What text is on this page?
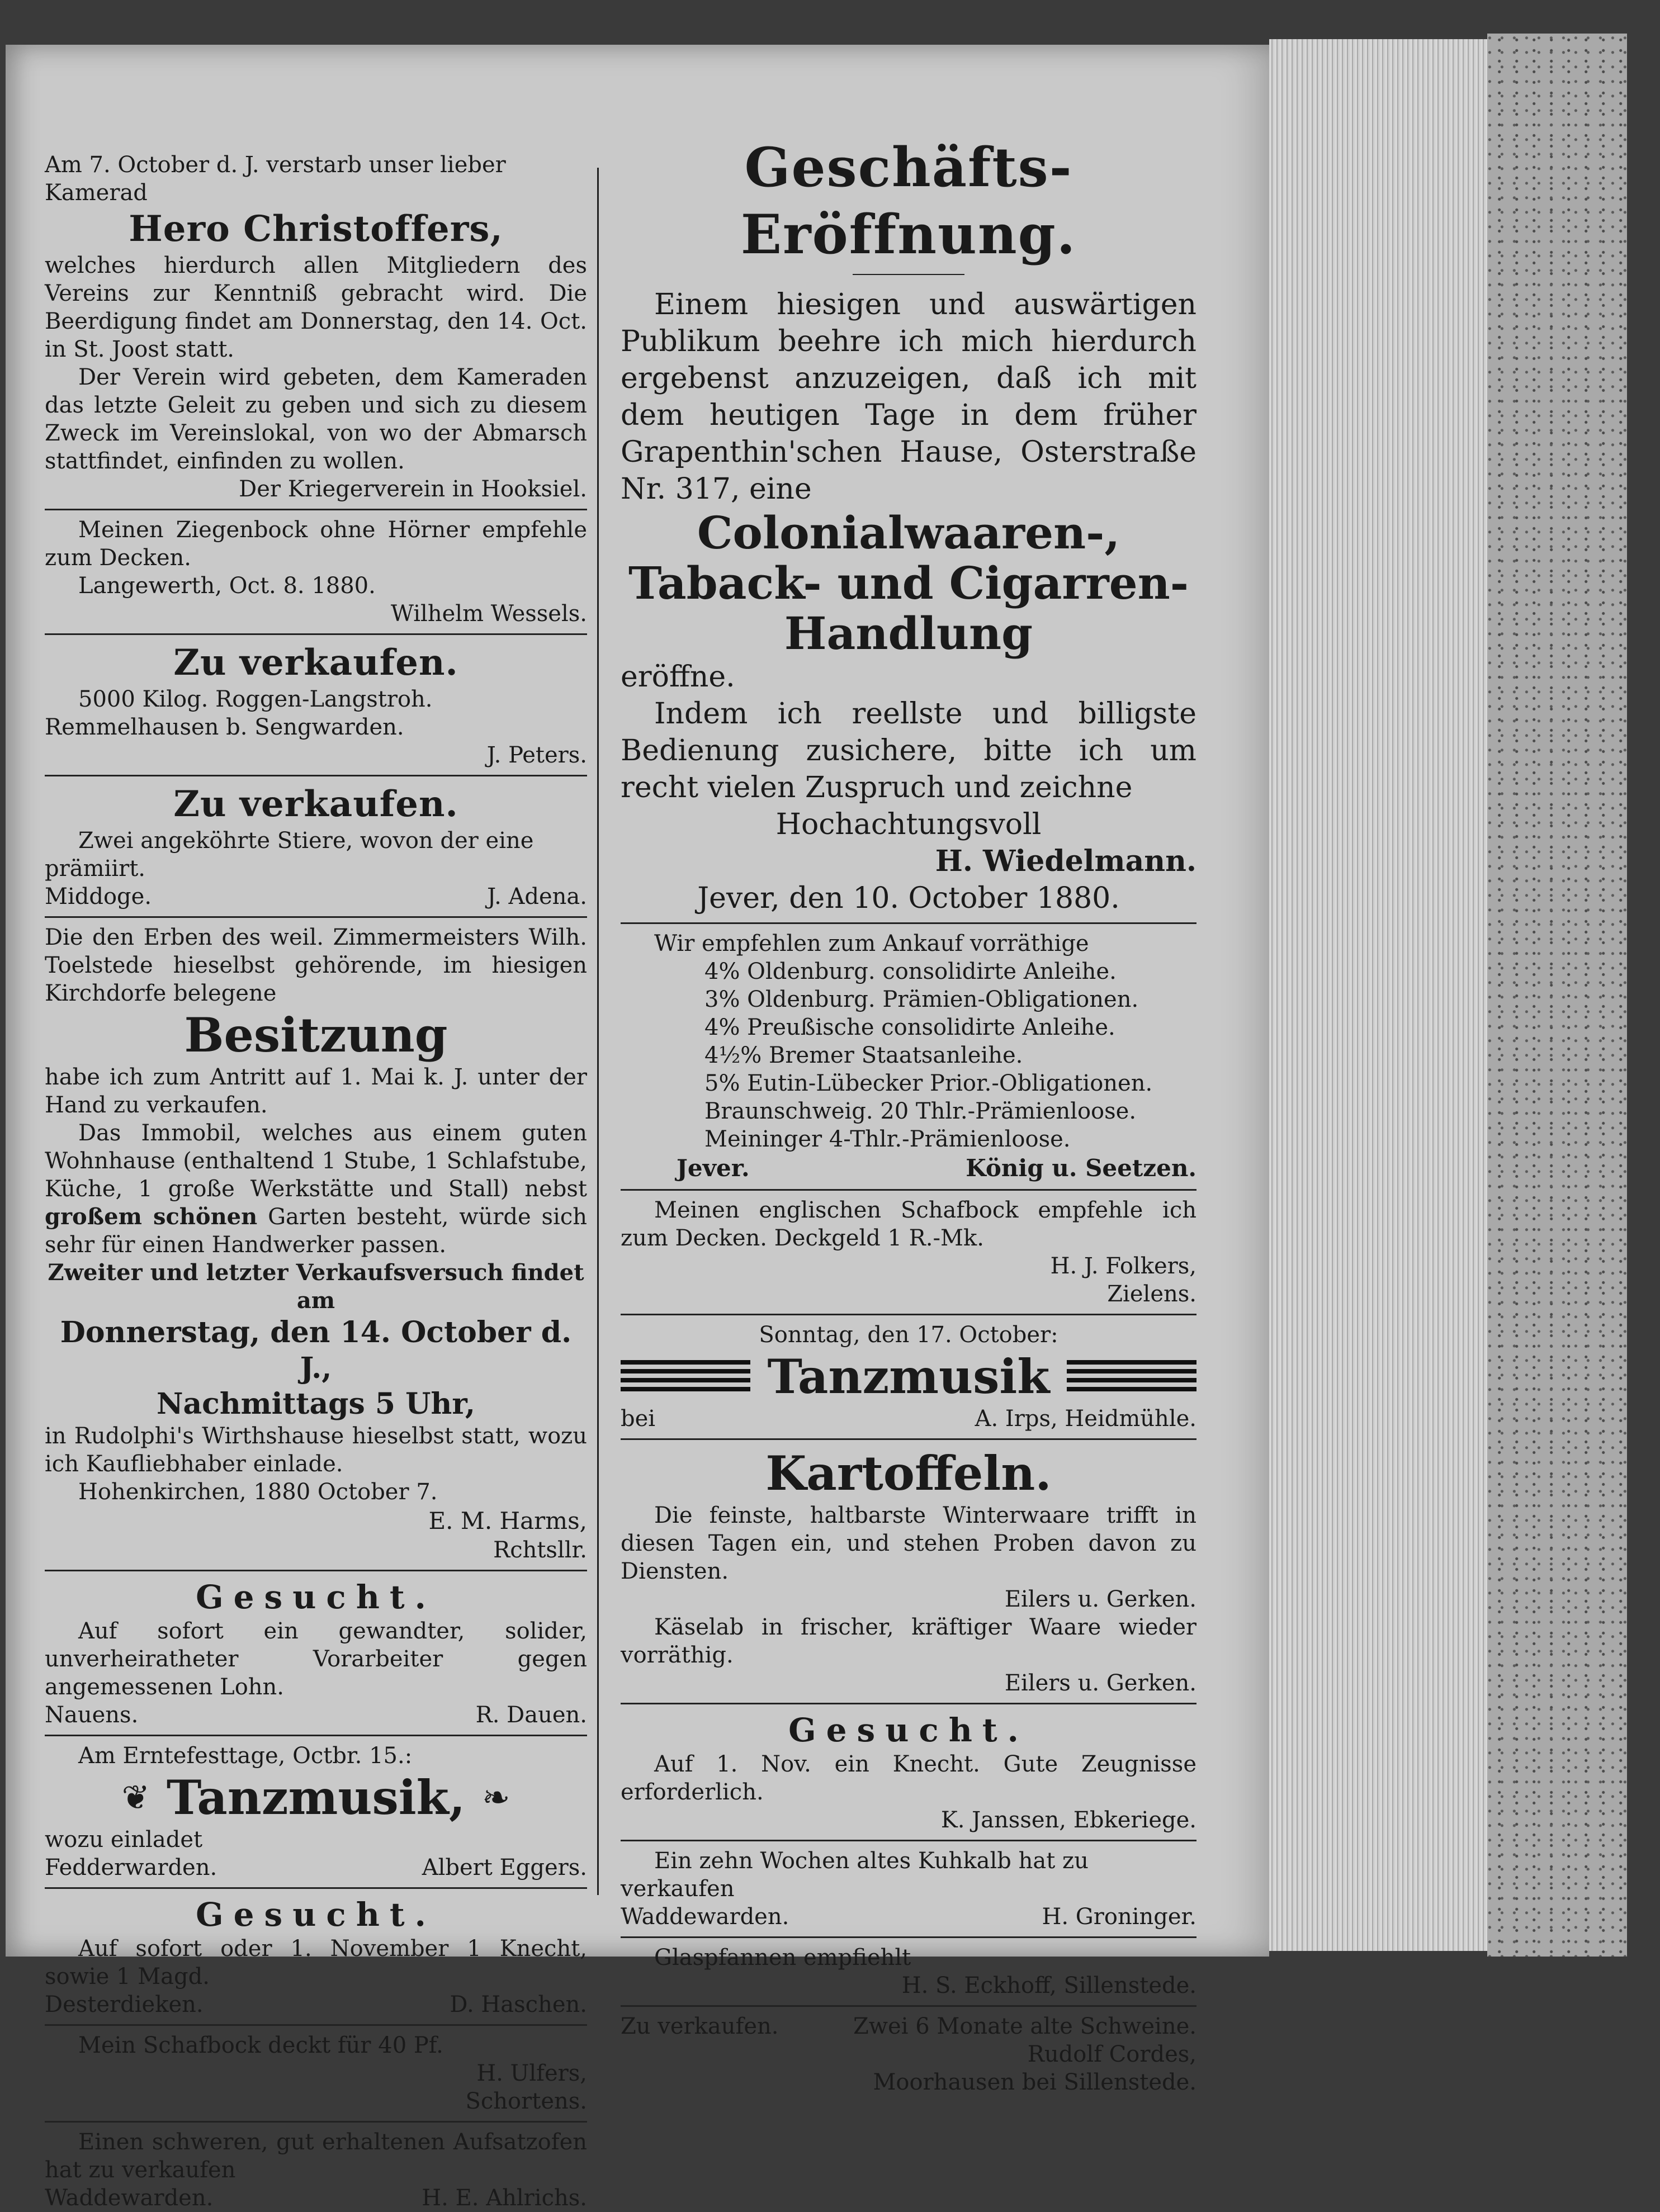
Am 7. October d. J. verstarb unser lieber

Kamerad

Hero Christoffers,

welches hierdurch allen Mitgliedern des Vereins zur Kenntniß gebracht wird. Die Beerdigung findet am Donnerstag, den 14. Oct. in St. Joost statt.

Der Verein wird gebeten, dem Kameraden das letzte Geleit zu geben und sich zu diesem Zweck im Vereinslokal, von wo der Abmarsch stattfindet, einfinden zu wollen.

Der Kriegerverein in Hooksiel.

Meinen Ziegenbock ohne Hörner empfehle zum Decken.

Langewerth, Oct. 8. 1880.

Wilhelm Wessels.

Zu verkaufen.

5000 Kilog. Roggen-Langstroh.

Remmelhausen b. Sengwarden.

J. Peters.

Zu verkaufen.

Zwei angeköhrte Stiere, wovon der eine prämiirt.

Middoge.	J. Adena.

Die den Erben des weil. Zimmermeisters Wilh. Toelstede hieselbst gehörende, im hiesigen Kirchdorfe belegene

Besitzung

habe ich zum Antritt auf 1. Mai k. J. unter der Hand zu verkaufen.

Das Immobil, welches aus einem guten Wohnhause (enthaltend 1 Stube, 1 Schlafstube, Küche, 1 große Werkstätte und Stall) nebst großem schönen Garten besteht, würde sich sehr für einen Handwerker passen.

Zweiter und letzter Verkaufsversuch findet am

Donnerstag, den 14. October d. J.,

Nachmittags 5 Uhr,

in Rudolphi's Wirthshause hieselbst statt, wozu ich Kaufliebhaber einlade.

Hohenkirchen, 1880 October 7.

E. M. Harms,

Rchtsllr.

Gesucht.

Auf sofort ein gewandter, solider, unverheiratheter Vorarbeiter gegen angemessenen Lohn.

Nauens.	R. Dauen.

Am Erntefesttage, Octbr. 15.:

❦ Tanzmusik, ❧

wozu einladet

Fedderwarden.	Albert Eggers.

Gesucht.

Auf sofort oder 1. November 1 Knecht, sowie 1 Magd.

Desterdieken.	D. Haschen.

Mein Schafbock deckt für 40 Pf.

H. Ulfers,

Schortens.

Einen schweren, gut erhaltenen Aufsatzofen hat zu verkaufen

Waddewarden.	H. E. Ahlrichs.

Geschäfts-Eröffnung.

Einem hiesigen und auswärtigen Publikum beehre ich mich hierdurch ergebenst anzuzeigen, daß ich mit dem heutigen Tage in dem früher Grapenthin'schen Hause, Osterstraße Nr. 317, eine

Colonialwaaren-,

Taback- und Cigarren-

Handlung

eröffne.

Indem ich reellste und billigste Bedienung zusichere, bitte ich um recht vielen Zuspruch und zeichne

Hochachtungsvoll

H. Wiedelmann.

Jever, den 10. October 1880.

Wir empfehlen zum Ankauf vorräthige

4% Oldenburg. consolidirte Anleihe.

3% Oldenburg. Prämien-Obligationen.

4% Preußische consolidirte Anleihe.

4½% Bremer Staatsanleihe.

5% Eutin-Lübecker Prior.-Obligationen.

Braunschweig. 20 Thlr.-Prämienloose.

Meininger 4-Thlr.-Prämienloose.

Jever.	König u. Seetzen.

Meinen englischen Schafbock empfehle ich zum Decken. Deckgeld 1 R.-Mk.

H. J. Folkers,

Zielens.

Sonntag, den 17. October:

Tanzmusik

bei	A. Irps, Heidmühle.

Kartoffeln.

Die feinste, haltbarste Winterwaare trifft in diesen Tagen ein, und stehen Proben davon zu Diensten.

Eilers u. Gerken.

Käselab in frischer, kräftiger Waare wieder vorräthig.

Eilers u. Gerken.

Gesucht.

Auf 1. Nov. ein Knecht. Gute Zeugnisse erforderlich.

K. Janssen, Ebkeriege.

Ein zehn Wochen altes Kuhkalb hat zu verkaufen

Waddewarden.	H. Groninger.

Glaspfannen empfiehlt

H. S. Eckhoff, Sillenstede.

Zu verkaufen.	Zwei 6 Monate alte Schweine.

Rudolf Cordes,

Moorhausen bei Sillenstede.
